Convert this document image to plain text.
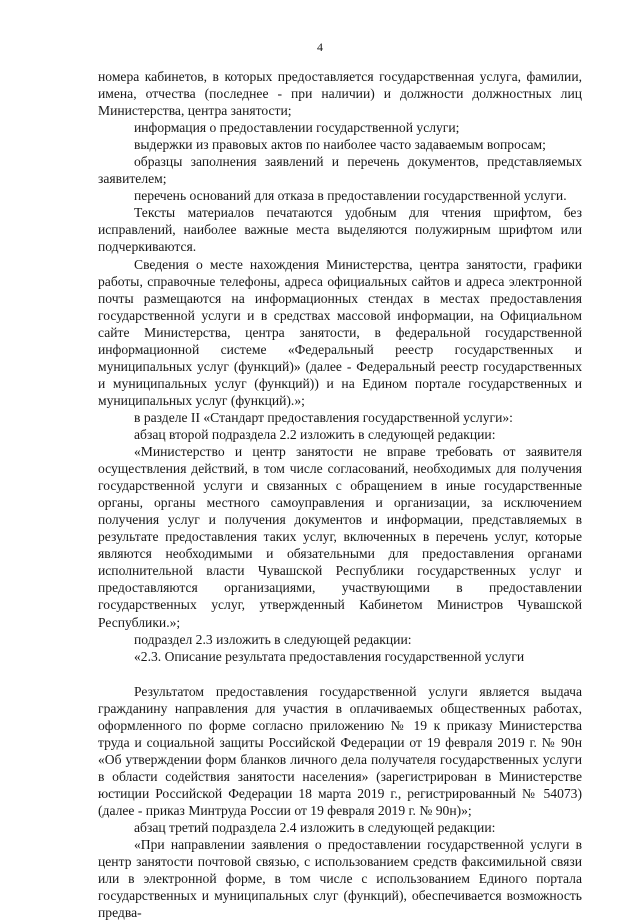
4

номера кабинетов, в которых предоставляется государственная услуга, фамилии, имена, отчества (последнее - при наличии) и должности должностных лиц Министерства, центра занятости;

информация о предоставлении государственной услуги;

выдержки из правовых актов по наиболее часто задаваемым вопросам;

образцы заполнения заявлений и перечень документов, представляемых заявителем;

перечень оснований для отказа в предоставлении государственной услуги.

Тексты материалов печатаются удобным для чтения шрифтом, без исправлений, наиболее важные места выделяются полужирным шрифтом или подчеркиваются.

Сведения о месте нахождения Министерства, центра занятости, графики работы, справочные телефоны, адреса официальных сайтов и адреса электронной почты размещаются на информационных стендах в местах предоставления государственной услуги и в средствах массовой информации, на Официальном сайте Министерства, центра занятости, в федеральной государственной информационной системе «Федеральный реестр государственных и муниципальных услуг (функций)» (далее - Федеральный реестр государственных и муниципальных услуг (функций)) и на Едином портале государственных и муниципальных услуг (функций).»;

в разделе II «Стандарт предоставления государственной услуги»:

абзац второй подраздела 2.2 изложить в следующей редакции:

«Министерство и центр занятости не вправе требовать от заявителя осуществления действий, в том числе согласований, необходимых для получения государственной услуги и связанных с обращением в иные государственные органы, органы местного самоуправления и организации, за исключением получения услуг и получения документов и информации, представляемых в результате предоставления таких услуг, включенных в перечень услуг, которые являются необходимыми и обязательными для предоставления органами исполнительной власти Чувашской Республики государственных услуг и предоставляются организациями, участвующими в предоставлении государственных услуг, утвержденный Кабинетом Министров Чувашской Республики.»;

подраздел 2.3 изложить в следующей редакции:

«2.3. Описание результата предоставления государственной услуги

Результатом предоставления государственной услуги является выдача гражданину направления для участия в оплачиваемых общественных работах, оформленного по форме согласно приложению № 19 к приказу Министерства труда и социальной защиты Российской Федерации от 19 февраля 2019 г. № 90н «Об утверждении форм бланков личного дела получателя государственных услуги в области содействия занятости населения» (зарегистрирован в Министерстве юстиции Российской Федерации 18 марта 2019 г., регистрированный № 54073) (далее - приказ Минтруда России от 19 февраля 2019 г. № 90н)»;

абзац третий подраздела 2.4 изложить в следующей редакции:

«При направлении заявления о предоставлении государственной услуги в центр занятости почтовой связью, с использованием средств факсимильной связи или в электронной форме, в том числе с использованием Единого портала государственных и муниципальных слуг (функций), обеспечивается возможность предва-
